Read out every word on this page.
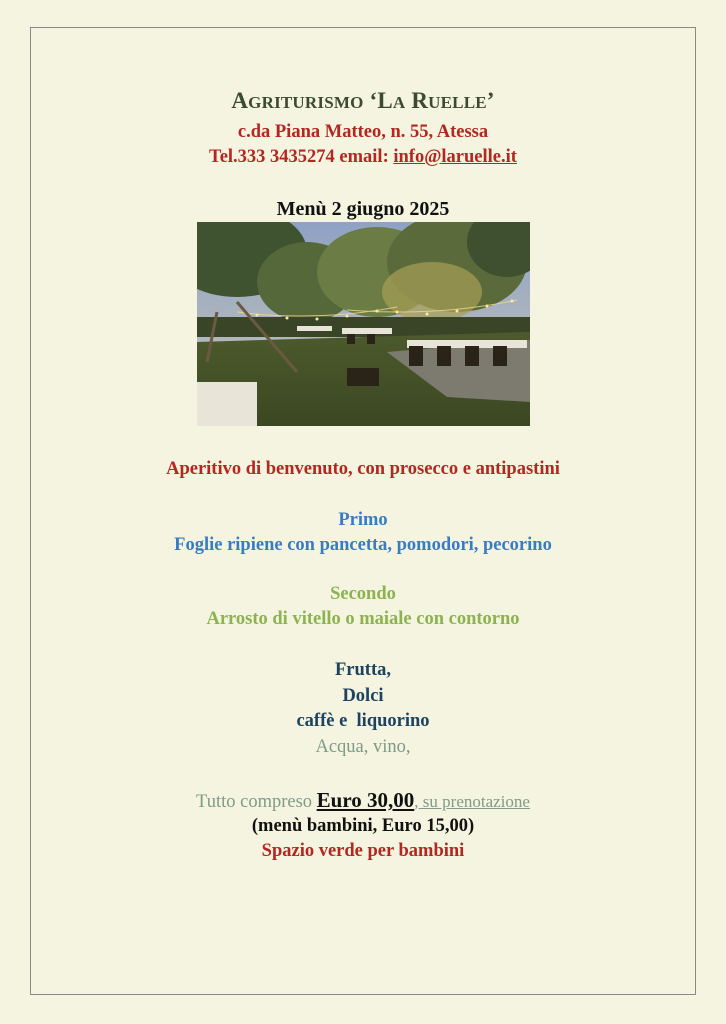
AGRITURISMO ‘LA RUELLE’
c.da Piana Matteo, n. 55, Atessa
Tel.333 3435274 email: info@laruelle.it
Menù 2 giugno 2025
Aperitivo di benvenuto, con prosecco e antipastini
Primo
Foglie ripiene con pancetta, pomodori, pecorino
Secondo
Arrosto di vitello o maiale con contorno
Frutta,
Dolci
caffè e  liquorino
Acqua, vino,
Tutto compreso Euro 30,00, su prenotazione
(menù bambini, Euro 15,00)
Spazio verde per bambini
